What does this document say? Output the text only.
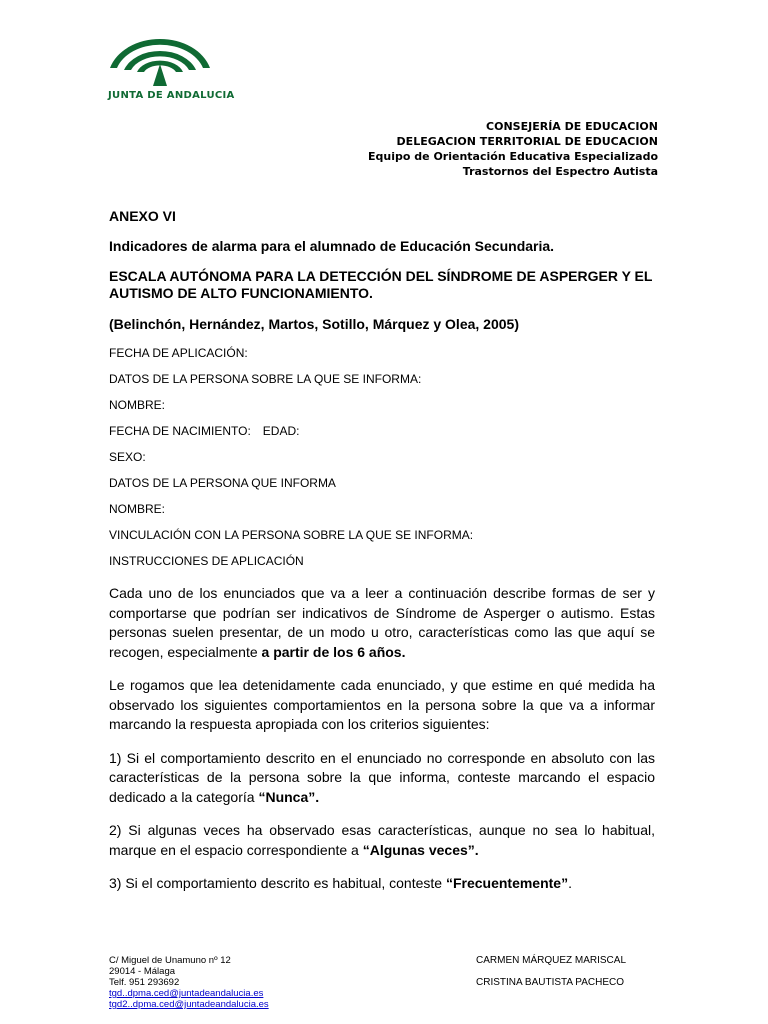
JUNTA DE ANDALUCIA
CONSEJERÍA DE EDUCACION
DELEGACION TERRITORIAL DE EDUCACION
Equipo de Orientación Educativa Especializado
Trastornos del Espectro Autista
ANEXO VI
Indicadores de alarma para el alumnado de Educación Secundaria.
ESCALA AUTÓNOMA PARA LA DETECCIÓN DEL SÍNDROME DE ASPERGER Y EL AUTISMO DE ALTO FUNCIONAMIENTO.
(Belinchón, Hernández, Martos, Sotillo, Márquez y Olea, 2005)
FECHA DE APLICACIÓN:
DATOS DE LA PERSONA SOBRE LA QUE SE INFORMA:
NOMBRE:
FECHA DE NACIMIENTO: EDAD:
SEXO:
DATOS DE LA PERSONA QUE INFORMA
NOMBRE:
VINCULACIÓN CON LA PERSONA SOBRE LA QUE SE INFORMA:
INSTRUCCIONES DE APLICACIÓN
Cada uno de los enunciados que va a leer a continuación describe formas de ser y comportarse que podrían ser indicativos de Síndrome de Asperger o autismo. Estas personas suelen presentar, de un modo u otro, características como las que aquí se recogen, especialmente a partir de los 6 años.
Le rogamos que lea detenidamente cada enunciado, y que estime en qué medida ha observado los siguientes comportamientos en la persona sobre la que va a informar marcando la respuesta apropiada con los criterios siguientes:
1) Si el comportamiento descrito en el enunciado no corresponde en absoluto con las características de la persona sobre la que informa, conteste marcando el espacio dedicado a la categoría “Nunca”.
2) Si algunas veces ha observado esas características, aunque no sea lo habitual, marque en el espacio correspondiente a “Algunas veces”.
3) Si el comportamiento descrito es habitual, conteste “Frecuentemente”.
C/ Miguel de Unamuno nº 12
29014 - Málaga
Telf. 951 293692
tgd..dpma.ced@juntadeandalucia.es
tgd2..dpma.ced@juntadeandalucia.es
CARMEN MÁRQUEZ MARISCAL
CRISTINA BAUTISTA PACHECO
